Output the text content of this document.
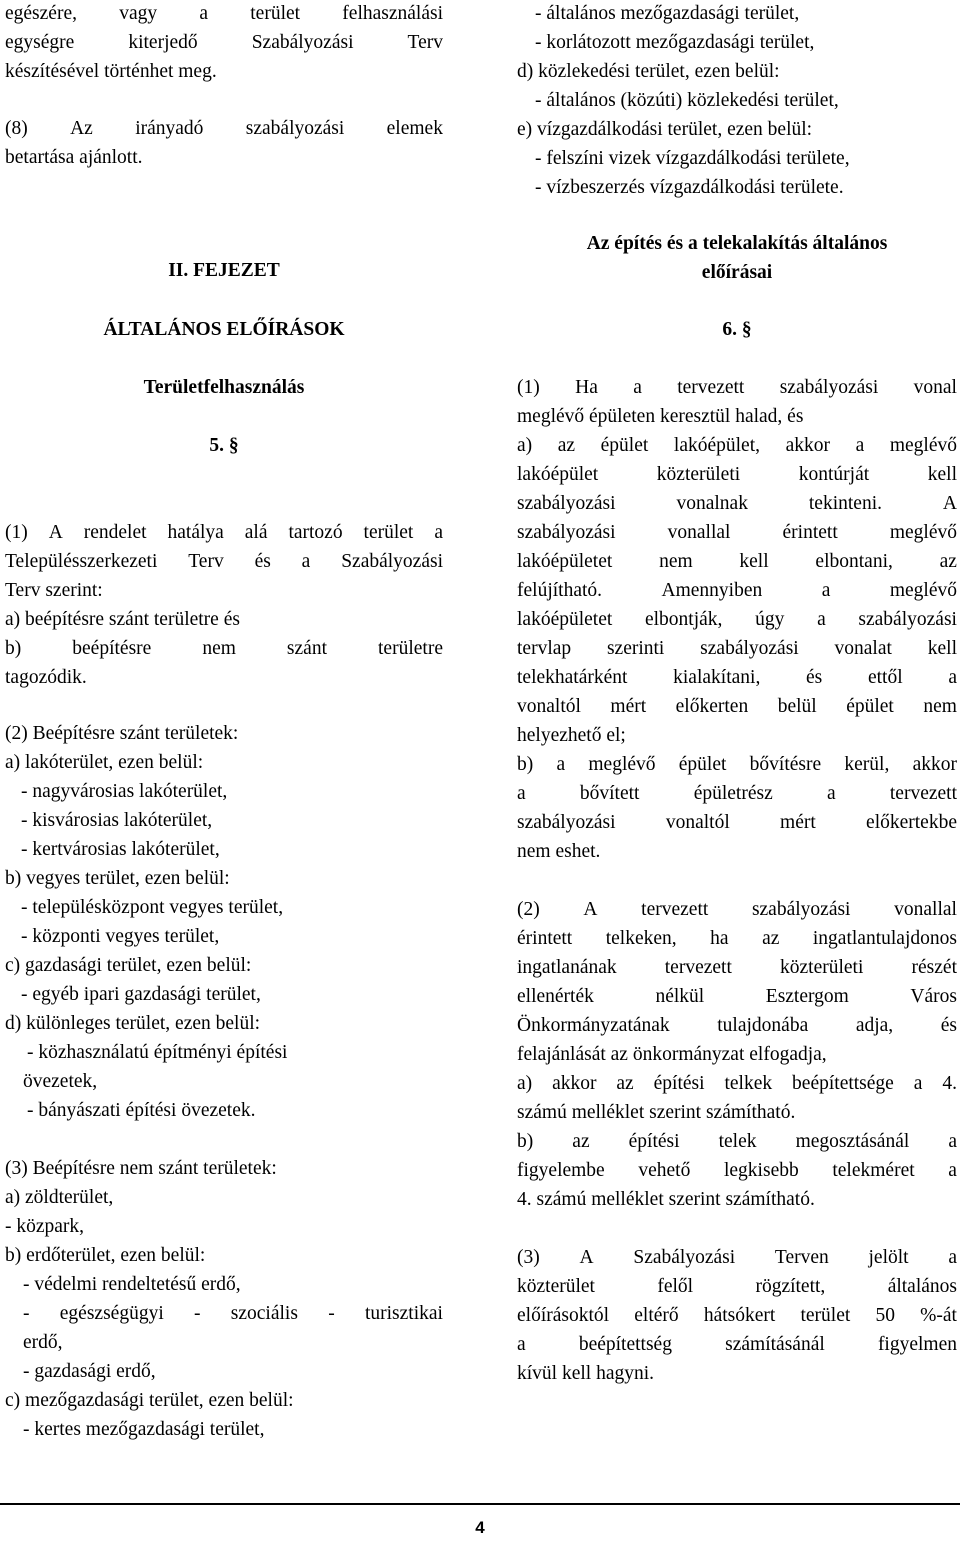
egészére, vagy a terület felhasználási
egységre	kiterjedő	Szabályozási	Terv
készítésével történhet meg.
(8) Az irányadó szabályozási elemek
betartása ajánlott.
II. FEJEZET
ÁLTALÁNOS ELŐÍRÁSOK
Területfelhasználás
5. §
(1) A rendelet hatálya alá tartozó terület a
Településszerkezeti Terv és a Szabályozási
Terv szerint:
a) beépítésre szánt területre és
b)	beépítésre	nem	szánt	területre
tagozódik.
(2) Beépítésre szánt területek:
a) lakóterület, ezen belül:
- nagyvárosias lakóterület,
- kisvárosias lakóterület,
- kertvárosias lakóterület,
b) vegyes terület, ezen belül:
- településközpont vegyes terület,
- központi vegyes terület,
c) gazdasági terület, ezen belül:
- egyéb ipari gazdasági terület,
d) különleges terület, ezen belül:
- közhasználatú építményi építési
övezetek,
- bányászati építési övezetek.
(3) Beépítésre nem szánt területek:
a) zöldterület,
- közpark,
b) erdőterület, ezen belül:
- védelmi rendeltetésű erdő,
- egészségügyi - szociális - turisztikai
erdő,
- gazdasági erdő,
c) mezőgazdasági terület, ezen belül:
- kertes mezőgazdasági terület,
- általános mezőgazdasági terület,
- korlátozott mezőgazdasági terület,
d) közlekedési terület, ezen belül:
- általános (közúti) közlekedési terület,
e) vízgazdálkodási terület, ezen belül:
- felszíni vizek vízgazdálkodási területe,
- vízbeszerzés vízgazdálkodási területe.
Az építés és a telekalakítás általános
előírásai
6. §
(1) Ha a tervezett szabályozási vonal
meglévő épületen keresztül halad, és
a) az épület lakóépület, akkor a meglévő
lakóépület	közterületi	kontúrját	kell
szabályozási	vonalnak	tekinteni.	A
szabályozási	vonallal	érintett	meglévő
lakóépületet nem kell elbontani, az
felújítható.	Amennyiben	a	meglévő
lakóépületet elbontják, úgy a szabályozási
tervlap szerinti szabályozási vonalat kell
telekhatárként kialakítani, és ettől a
vonaltól mért előkerten belül épület nem
helyezhető el;
b) a meglévő épület bővítésre kerül, akkor
a	bővített	épületrész	a	tervezett
szabályozási	vonaltól	mért	előkertekbe
nem eshet.
(2) A tervezett szabályozási vonallal
érintett telkeken, ha az ingatlantulajdonos
ingatlanának tervezett közterületi részét
ellenérték	nélkül	Esztergom	Város
Önkormányzatának tulajdonába adja, és
felajánlását az önkormányzat elfogadja,
a) akkor az építési telkek beépítettsége a 4.
számú melléklet szerint számítható.
b) az építési telek megosztásánál a
figyelembe vehető legkisebb telekméret a
4. számú melléklet szerint számítható.
(3) A Szabályozási Terven jelölt a
közterület	felől	rögzített,	általános
előírásoktól eltérő hátsókert terület 50 %-át
a	beépítettség	számításánál	figyelmen
kívül kell hagyni.
4
